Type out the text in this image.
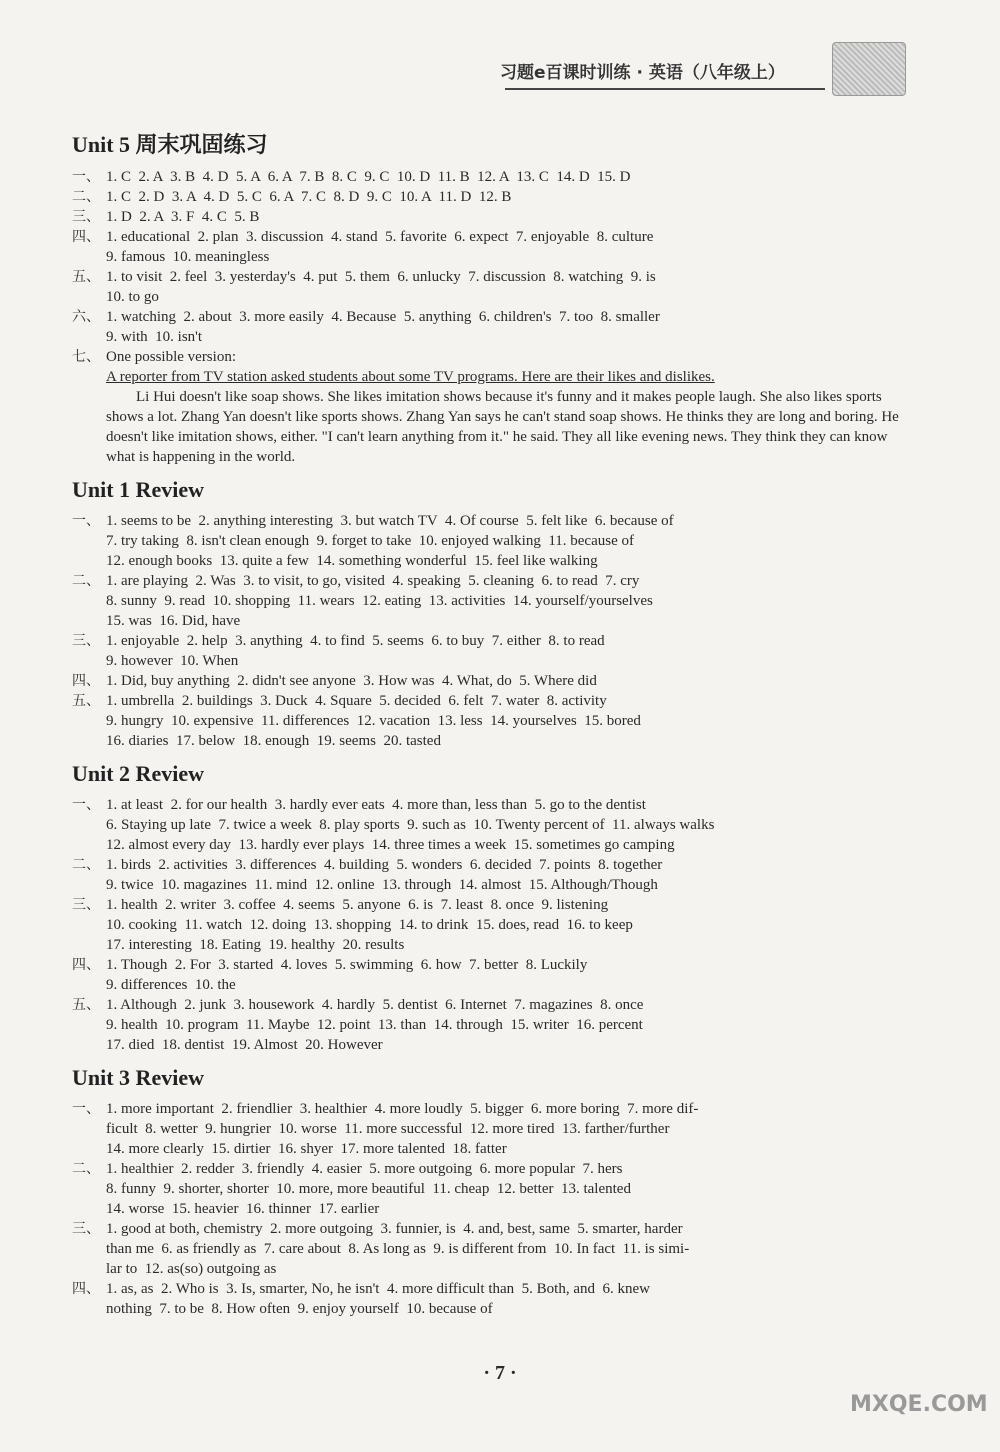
习题e百课时训练 · 英语（八年级上）
Unit 5 周末巩固练习
一、 1. C  2. A  3. B  4. D  5. A  6. A  7. B  8. C  9. C  10. D  11. B  12. A  13. C  14. D  15. D
二、 1. C  2. D  3. A  4. D  5. C  6. A  7. C  8. D  9. C  10. A  11. D  12. B
三、 1. D  2. A  3. F  4. C  5. B
四、 1. educational  2. plan  3. discussion  4. stand  5. favorite  6. expect  7. enjoyable  8. culture
9. famous  10. meaningless
五、 1. to visit  2. feel  3. yesterday's  4. put  5. them  6. unlucky  7. discussion  8. watching  9. is
10. to go
六、 1. watching  2. about  3. more easily  4. Because  5. anything  6. children's  7. too  8. smaller
9. with  10. isn't
七、 One possible version:
A reporter from TV station asked students about some TV programs. Here are their likes and dislikes.
Li Hui doesn't like soap shows. She likes imitation shows because it's funny and it makes people laugh. She also likes sports shows a lot. Zhang Yan doesn't like sports shows. Zhang Yan says he can't stand soap shows. He thinks they are long and boring. He doesn't like imitation shows, either. "I can't learn anything from it." he said. They all like evening news. They think they can know what is happening in the world.
Unit 1 Review
一、 1. seems to be  2. anything interesting  3. but watch TV  4. Of course  5. felt like  6. because of
7. try taking  8. isn't clean enough  9. forget to take  10. enjoyed walking  11. because of
12. enough books  13. quite a few  14. something wonderful  15. feel like walking
二、 1. are playing  2. Was  3. to visit, to go, visited  4. speaking  5. cleaning  6. to read  7. cry
8. sunny  9. read  10. shopping  11. wears  12. eating  13. activities  14. yourself/yourselves
15. was  16. Did, have
三、 1. enjoyable  2. help  3. anything  4. to find  5. seems  6. to buy  7. either  8. to read
9. however  10. When
四、 1. Did, buy anything  2. didn't see anyone  3. How was  4. What, do  5. Where did
五、 1. umbrella  2. buildings  3. Duck  4. Square  5. decided  6. felt  7. water  8. activity
9. hungry  10. expensive  11. differences  12. vacation  13. less  14. yourselves  15. bored
16. diaries  17. below  18. enough  19. seems  20. tasted
Unit 2 Review
一、 1. at least  2. for our health  3. hardly ever eats  4. more than, less than  5. go to the dentist
6. Staying up late  7. twice a week  8. play sports  9. such as  10. Twenty percent of  11. always walks
12. almost every day  13. hardly ever plays  14. three times a week  15. sometimes go camping
二、 1. birds  2. activities  3. differences  4. building  5. wonders  6. decided  7. points  8. together
9. twice  10. magazines  11. mind  12. online  13. through  14. almost  15. Although/Though
三、 1. health  2. writer  3. coffee  4. seems  5. anyone  6. is  7. least  8. once  9. listening
10. cooking  11. watch  12. doing  13. shopping  14. to drink  15. does, read  16. to keep
17. interesting  18. Eating  19. healthy  20. results
四、 1. Though  2. For  3. started  4. loves  5. swimming  6. how  7. better  8. Luckily
9. differences  10. the
五、 1. Although  2. junk  3. housework  4. hardly  5. dentist  6. Internet  7. magazines  8. once
9. health  10. program  11. Maybe  12. point  13. than  14. through  15. writer  16. percent
17. died  18. dentist  19. Almost  20. However
Unit 3 Review
一、 1. more important  2. friendlier  3. healthier  4. more loudly  5. bigger  6. more boring  7. more dif-
ficult  8. wetter  9. hungrier  10. worse  11. more successful  12. more tired  13. farther/further
14. more clearly  15. dirtier  16. shyer  17. more talented  18. fatter
二、 1. healthier  2. redder  3. friendly  4. easier  5. more outgoing  6. more popular  7. hers
8. funny  9. shorter, shorter  10. more, more beautiful  11. cheap  12. better  13. talented
14. worse  15. heavier  16. thinner  17. earlier
三、 1. good at both, chemistry  2. more outgoing  3. funnier, is  4. and, best, same  5. smarter, harder
than me  6. as friendly as  7. care about  8. As long as  9. is different from  10. In fact  11. is simi-
lar to  12. as(so) outgoing as
四、 1. as, as  2. Who is  3. Is, smarter, No, he isn't  4. more difficult than  5. Both, and  6. knew
nothing  7. to be  8. How often  9. enjoy yourself  10. because of
· 7 ·
MXQE.COM
